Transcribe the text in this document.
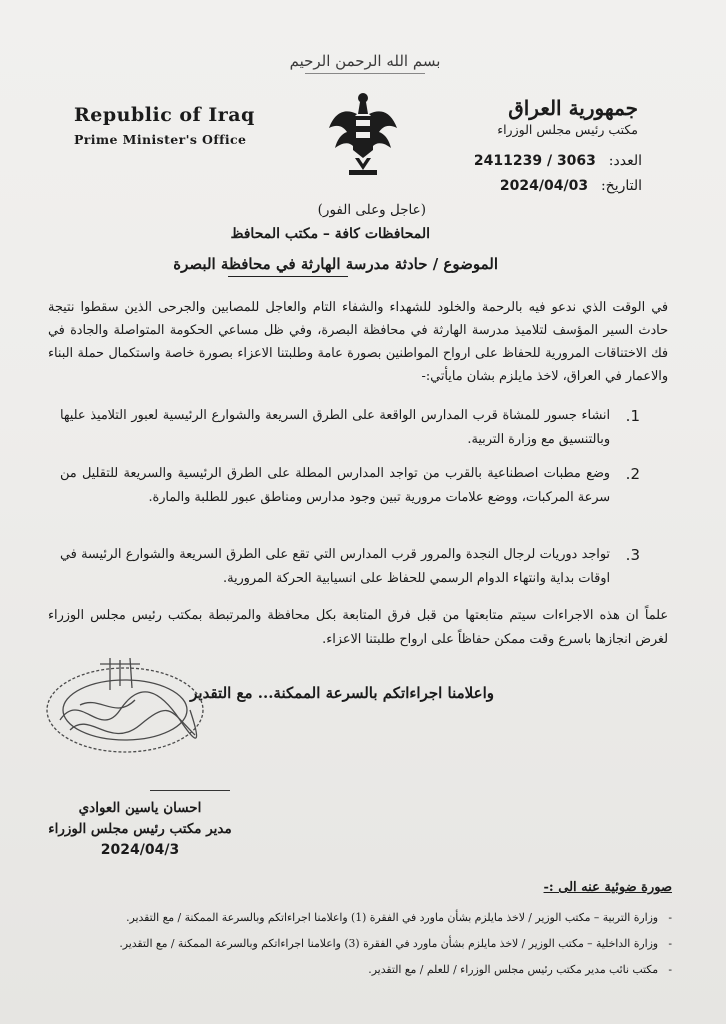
بسم الله الرحمن الرحيم
Republic of Iraq
Prime Minister's Office
جمهورية العراق
مكتب رئيس مجلس الوزراء
العدد: 2411239 / 3063
التاريخ: 2024/04/03
(عاجل وعلى الفور)
المحافظات كافة – مكتب المحافظ
الموضوع / حادثة مدرسة الهارثة في محافظة البصرة
في الوقت الذي ندعو فيه بالرحمة والخلود للشهداء والشفاء التام والعاجل للمصابين والجرحى الذين سقطوا نتيجة حادث السير المؤسف لتلاميذ مدرسة الهارثة في محافظة البصرة، وفي ظل مساعي الحكومة المتواصلة والجادة في فك الاختناقات المرورية للحفاظ على ارواح المواطنين بصورة عامة وطلبتنا الاعزاء بصورة خاصة واستكمال حملة البناء والاعمار في العراق، لاخذ مايلزم بشان مايأتي:-
1.
انشاء جسور للمشاة قرب المدارس الواقعة على الطرق السريعة والشوارع الرئيسية لعبور التلاميذ عليها وبالتنسيق مع وزارة التربية.
2.
وضع مطبات اصطناعية بالقرب من تواجد المدارس المطلة على الطرق الرئيسية والسريعة للتقليل من سرعة المركبات، ووضع علامات مرورية تبين وجود مدارس ومناطق عبور للطلبة والمارة.
3.
تواجد دوريات لرجال النجدة والمرور قرب المدارس التي تقع على الطرق السريعة والشوارع الرئيسة في اوقات بداية وانتهاء الدوام الرسمي للحفاظ على انسيابية الحركة المرورية.
علماً ان هذه الاجراءات سيتم متابعتها من قبل فرق المتابعة بكل محافظة والمرتبطة بمكتب رئيس مجلس الوزراء لغرض انجازها باسرع وقت ممكن حفاظاً على ارواح طلبتنا الاعزاء.
واعلامنا اجراءاتكم بالسرعة الممكنة... مع التقدير
احسان ياسين العوادي
مدير مكتب رئيس مجلس الوزراء
2024/04/3
صورة ضوئية عنه الى :-
- وزارة التربية – مكتب الوزير / لاخذ مايلزم بشأن ماورد في الفقرة (1) واعلامنا اجراءاتكم وبالسرعة الممكنة / مع التقدير.
- وزارة الداخلية – مكتب الوزير / لاخذ مايلزم بشأن ماورد في الفقرة (3) واعلامنا اجراءاتكم وبالسرعة الممكنة / مع التقدير.
- مكتب نائب مدير مكتب رئيس مجلس الوزراء / للعلم / مع التقدير.
